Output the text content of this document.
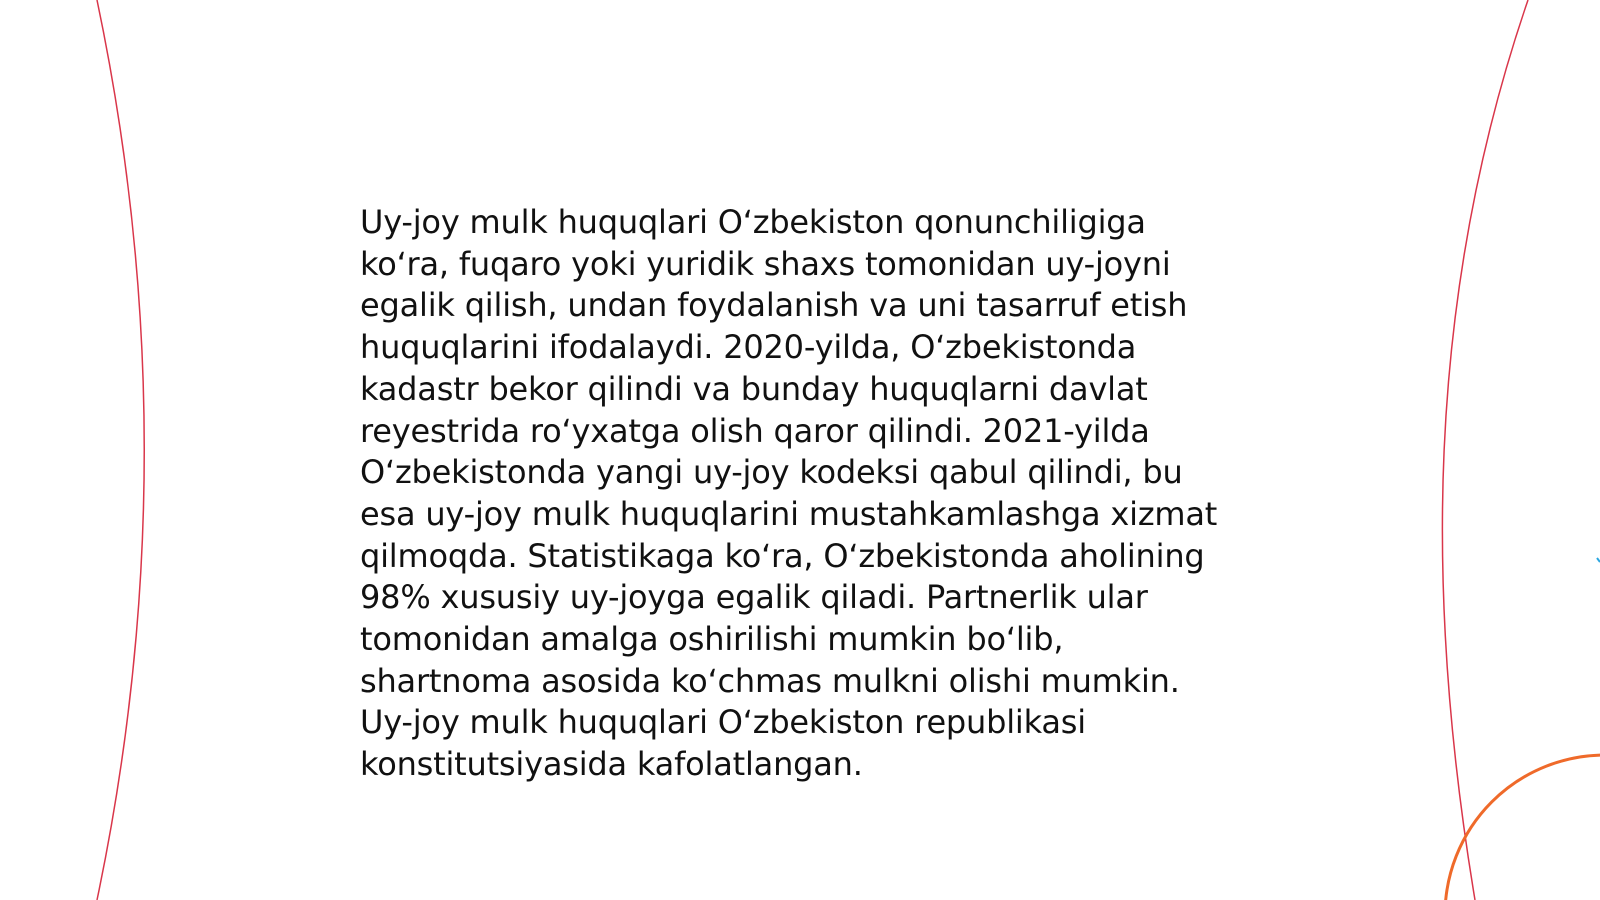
Uy-joy mulk huquqlari O‘zbekiston qonunchiligiga
ko‘ra, fuqaro yoki yuridik shaxs tomonidan uy-joyni
egalik qilish, undan foydalanish va uni tasarruf etish
huquqlarini ifodalaydi. 2020-yilda, O‘zbekistonda
kadastr bekor qilindi va bunday huquqlarni davlat
reyestrida ro‘yxatga olish qaror qilindi. 2021-yilda
O‘zbekistonda yangi uy-joy kodeksi qabul qilindi, bu
esa uy-joy mulk huquqlarini mustahkamlashga xizmat
qilmoqda. Statistikaga ko‘ra, O‘zbekistonda aholining
98% xususiy uy-joyga egalik qiladi. Partnerlik ular
tomonidan amalga oshirilishi mumkin bo‘lib,
shartnoma asosida ko‘chmas mulkni olishi mumkin.
Uy-joy mulk huquqlari O‘zbekiston republikasi
konstitutsiyasida kafolatlangan.
